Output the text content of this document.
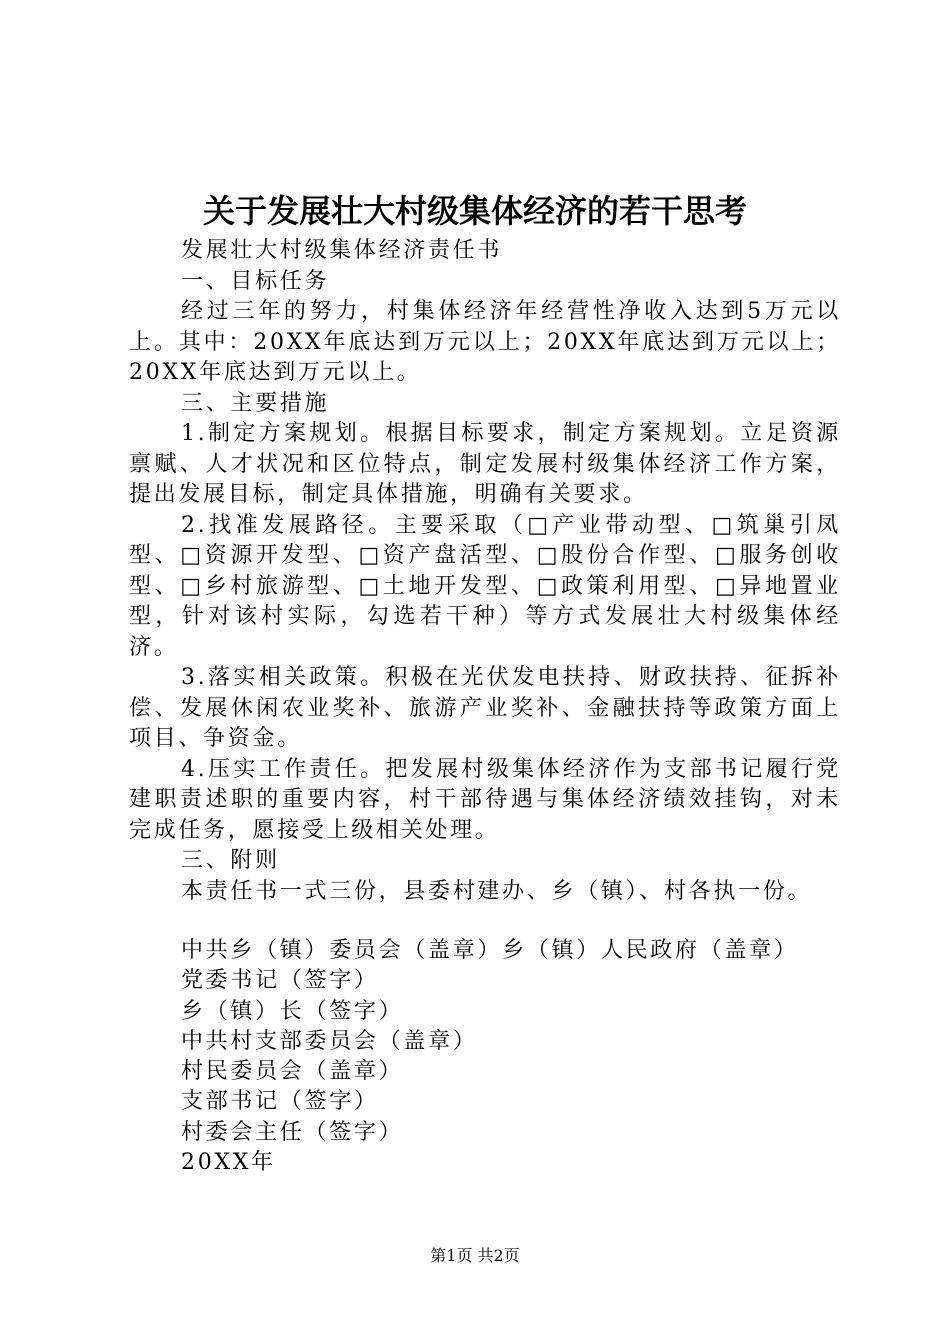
关于发展壮大村级集体经济的若干思考

发展壮大村级集体经济责任书

一、目标任务

经过三年的努力，村集体经济年经营性净收入达到5万元以上。其中：20XX年底达到万元以上；20XX年底达到万元以上；20XX年底达到万元以上。

三、主要措施

1.制定方案规划。根据目标要求，制定方案规划。立足资源禀赋、人才状况和区位特点，制定发展村级集体经济工作方案，提出发展目标，制定具体措施，明确有关要求。

2.找准发展路径。主要采取（□产业带动型、□筑巢引凤型、□资源开发型、□资产盘活型、□股份合作型、□服务创收型、□乡村旅游型、□土地开发型、□政策利用型、□异地置业型，针对该村实际，勾选若干种）等方式发展壮大村级集体经济。

3.落实相关政策。积极在光伏发电扶持、财政扶持、征拆补偿、发展休闲农业奖补、旅游产业奖补、金融扶持等政策方面上项目、争资金。

4.压实工作责任。把发展村级集体经济作为支部书记履行党建职责述职的重要内容，村干部待遇与集体经济绩效挂钩，对未完成任务，愿接受上级相关处理。

三、附则

本责任书一式三份，县委村建办、乡（镇）、村各执一份。

中共乡（镇）委员会（盖章）乡（镇）人民政府（盖章）
党委书记（签字）
乡（镇）长（签字）
中共村支部委员会（盖章）
村民委员会（盖章）
支部书记（签字）
村委会主任（签字）
20XX年
第1页 共2页
